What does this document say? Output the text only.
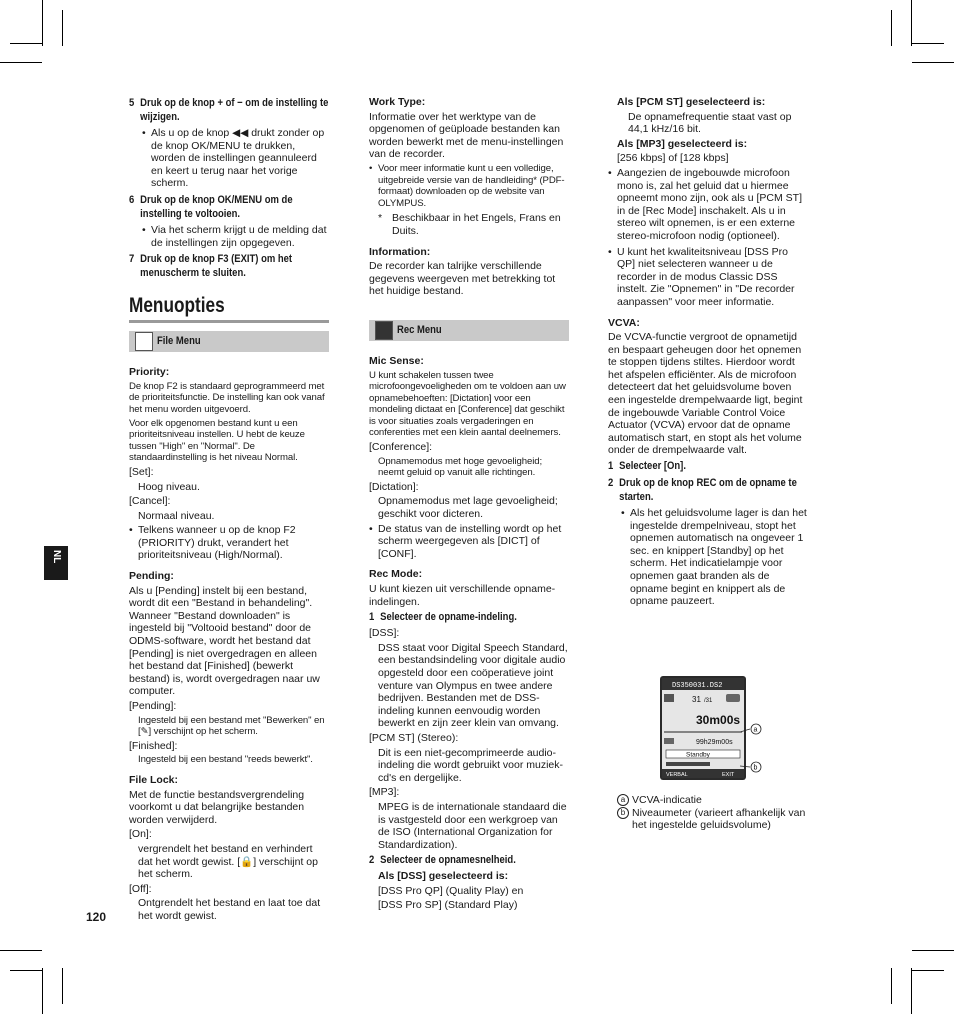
NL
120
5 Druk op de knop + of − om de instelling te wijzigen.
• Als u op de knop ◀◀ drukt zonder op de knop OK/MENU te drukken, worden de instellingen geannuleerd en keert u terug naar het vorige scherm.
6 Druk op de knop OK/MENU om de instelling te voltooien.
• Via het scherm krijgt u de melding dat de instellingen zijn opgegeven.
7 Druk op de knop F3 (EXIT) om het menuscherm te sluiten.
Menuopties
File Menu
Priority:
De knop F2 is standaard geprogrammeerd met de prioriteitsfunctie. De instelling kan ook vanaf het menu worden uitgevoerd.
Voor elk opgenomen bestand kunt u een prioriteitsniveau instellen. U hebt de keuze tussen "High" en "Normal". De standaardinstelling is het niveau Normal.
[Set]:
Hoog niveau.
[Cancel]:
Normaal niveau.
• Telkens wanneer u op de knop F2 (PRIORITY) drukt, verandert het prioriteitsniveau (High/Normal).
Pending:
Als u [Pending] instelt bij een bestand, wordt dit een "Bestand in behandeling". Wanneer "Bestand downloaden" is ingesteld bij "Voltooid bestand" door de ODMS-software, wordt het bestand dat [Pending] is niet overgedragen en alleen het bestand dat [Finished] (bewerkt bestand) is, wordt overgedragen naar uw computer.
[Pending]:
Ingesteld bij een bestand met "Bewerken" en [✎] verschijnt op het scherm.
[Finished]:
Ingesteld bij een bestand "reeds bewerkt".
File Lock:
Met de functie bestandsvergrendeling voorkomt u dat belangrijke bestanden worden verwijderd.
[On]:
vergrendelt het bestand en verhindert dat het wordt gewist. [🔒] verschijnt op het scherm.
[Off]:
Ontgrendelt het bestand en laat toe dat het wordt gewist.
Work Type:
Informatie over het werktype van de opgenomen of geüploade bestanden kan worden bewerkt met de menu-instellingen van de recorder.
• Voor meer informatie kunt u een volledige, uitgebreide versie van de handleiding* (PDF-formaat) downloaden op de website van OLYMPUS.
* Beschikbaar in het Engels, Frans en Duits.
Information:
De recorder kan talrijke verschillende gegevens weergeven met betrekking tot het huidige bestand.
Rec Menu
Mic Sense:
U kunt schakelen tussen twee microfoongevoeligheden om te voldoen aan uw opnamebehoeften: [Dictation] voor een mondeling dictaat en [Conference] dat geschikt is voor situaties zoals vergaderingen en conferenties met een klein aantal deelnemers.
[Conference]:
Opnamemodus met hoge gevoeligheid; neemt geluid op vanuit alle richtingen.
[Dictation]:
Opnamemodus met lage gevoeligheid; geschikt voor dicteren.
• De status van de instelling wordt op het scherm weergegeven als [DICT] of [CONF].
Rec Mode:
U kunt kiezen uit verschillende opname-indelingen.
1 Selecteer de opname-indeling.
[DSS]:
DSS staat voor Digital Speech Standard, een bestandsindeling voor digitale audio opgesteld door een coöperatieve joint venture van Olympus en twee andere bedrijven. Bestanden met de DSS-indeling kunnen eenvoudig worden bewerkt en zijn zeer klein van omvang.
[PCM ST] (Stereo):
Dit is een niet-gecomprimeerde audio-indeling die wordt gebruikt voor muziek-cd's en dergelijke.
[MP3]:
MPEG is de internationale standaard die is vastgesteld door een werkgroep van de ISO (International Organization for Standardization).
2 Selecteer de opnamesnelheid.
Als [DSS] geselecteerd is:
[DSS Pro QP] (Quality Play) en
[DSS Pro SP] (Standard Play)
Als [PCM ST] geselecteerd is:
De opnamefrequentie staat vast op 44,1 kHz/16 bit.
Als [MP3] geselecteerd is:
[256 kbps] of [128 kbps]
• Aangezien de ingebouwde microfoon mono is, zal het geluid dat u hiermee opneemt mono zijn, ook als u [PCM ST] in de [Rec Mode] inschakelt. Als u in stereo wilt opnemen, is er een externe stereo-microfoon nodig (optioneel).
• U kunt het kwaliteitsniveau [DSS Pro QP] niet selecteren wanneer u de recorder in de modus Classic DSS instelt. Zie "Opnemen" in "De recorder aanpassen" voor meer informatie.
VCVA:
De VCVA-functie vergroot de opnametijd en bespaart geheugen door het opnemen te stoppen tijdens stiltes. Hierdoor wordt het afspelen efficiënter. Als de microfoon detecteert dat het geluidsvolume boven een ingestelde drempelwaarde ligt, begint de ingebouwde Variable Control Voice Actuator (VCVA) ervoor dat de opname automatisch start, en stopt als het volume onder de drempelwaarde valt.
1 Selecteer [On].
2 Druk op de knop REC om de opname te starten.
• Als het geluidsvolume lager is dan het ingestelde drempelniveau, stopt het opnemen automatisch na ongeveer 1 sec. en knippert [Standby] op het scherm. Het indicatielampje voor opnemen gaat branden als de opname begint en knippert als de opname pauzeert.
DS350031.DS2
31 /31
30m00s
99h29m00s
Standby
VERBAL	EXIT
a
b
a VCVA-indicatie
b Niveaumeter (varieert afhankelijk van het ingestelde geluidsvolume)
